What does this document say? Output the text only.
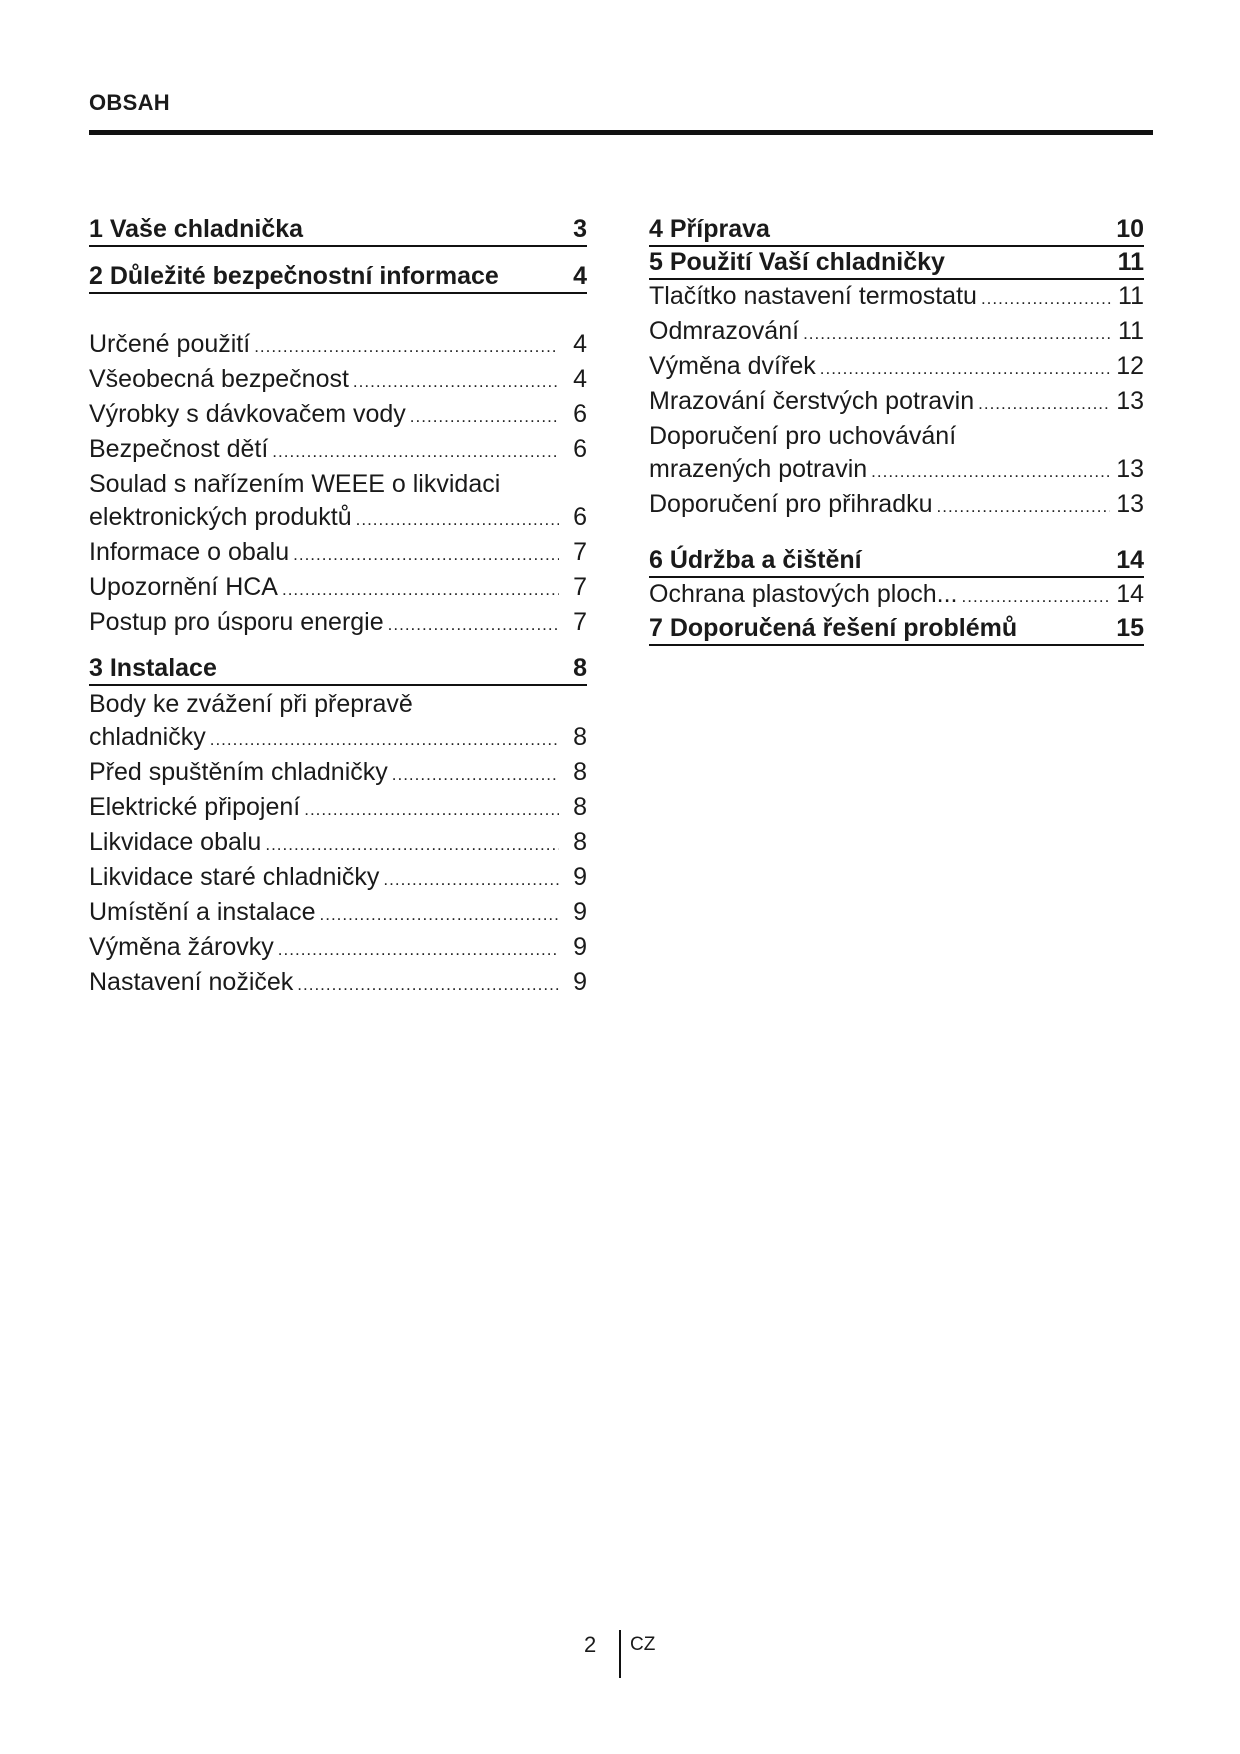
OBSAH
1 Vaše chladnička	3
2 Důležité bezpečnostní informace	4
Určené použití .....	4
Všeobecná bezpečnost .....	4
Výrobky s dávkovačem vody .....	6
Bezpečnost dětí .....	6
Soulad s nařízením WEEE o likvidaci
elektronických produktů .....	6
Informace o obalu .....	7
Upozornění HCA .....	7
Postup pro úsporu energie .....	7
3 Instalace	8
Body ke zvážení při přepravě
chladničky .....	8
Před spuštěním chladničky .....	8
Elektrické připojení .....	8
Likvidace obalu .....	8
Likvidace staré chladničky .....	9
Umístění a instalace .....	9
Výměna žárovky .....	9
Nastavení nožiček .....	9
4 Příprava	10
5 Použití Vaší chladničky	11
Tlačítko nastavení termostatu .....	11
Odmrazování .....	11
Výměna dvířek .....	12
Mrazování čerstvých potravin .....	13
Doporučení pro uchovávání
mrazených potravin .....	13
Doporučení pro přihradku .....	13
6 Údržba a čištění	14
Ochrana plastových ploch... .....	14
7 Doporučená řešení problémů	15
2 CZ
